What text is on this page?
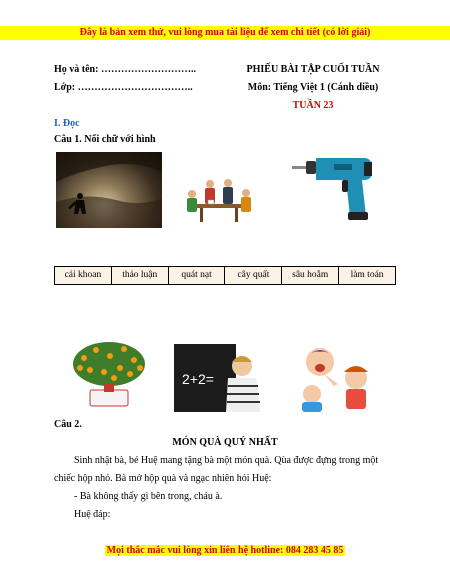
Đây là bản xem thử, vui lòng mua tài liệu để xem chi tiết (có lời giải)
Họ và tên: ………………………..
Lớp: ……………………………..
PHIẾU BÀI TẬP CUỐI TUẦN
Môn: Tiếng Việt 1 (Cánh diều)
TUẦN 23
I. Đọc
Câu 1. Nối chữ với hình
cái khoan	thảo luận	quát nạt	cây quất	sâu hoắm	làm toán
2+2=
Câu 2.
MÓN QUÀ QUÝ NHẤT
Sinh nhật bà, bé Huệ mang tặng bà một món quà. Qùa được đựng trong một
chiếc hộp nhỏ. Bà mở hộp quà và ngạc nhiên hỏi Huệ:
- Bà không thấy gì bên trong, cháu à.
Huệ đáp:
Mọi thắc mắc vui lòng xin liên hệ hotline: 084 283 45 85
